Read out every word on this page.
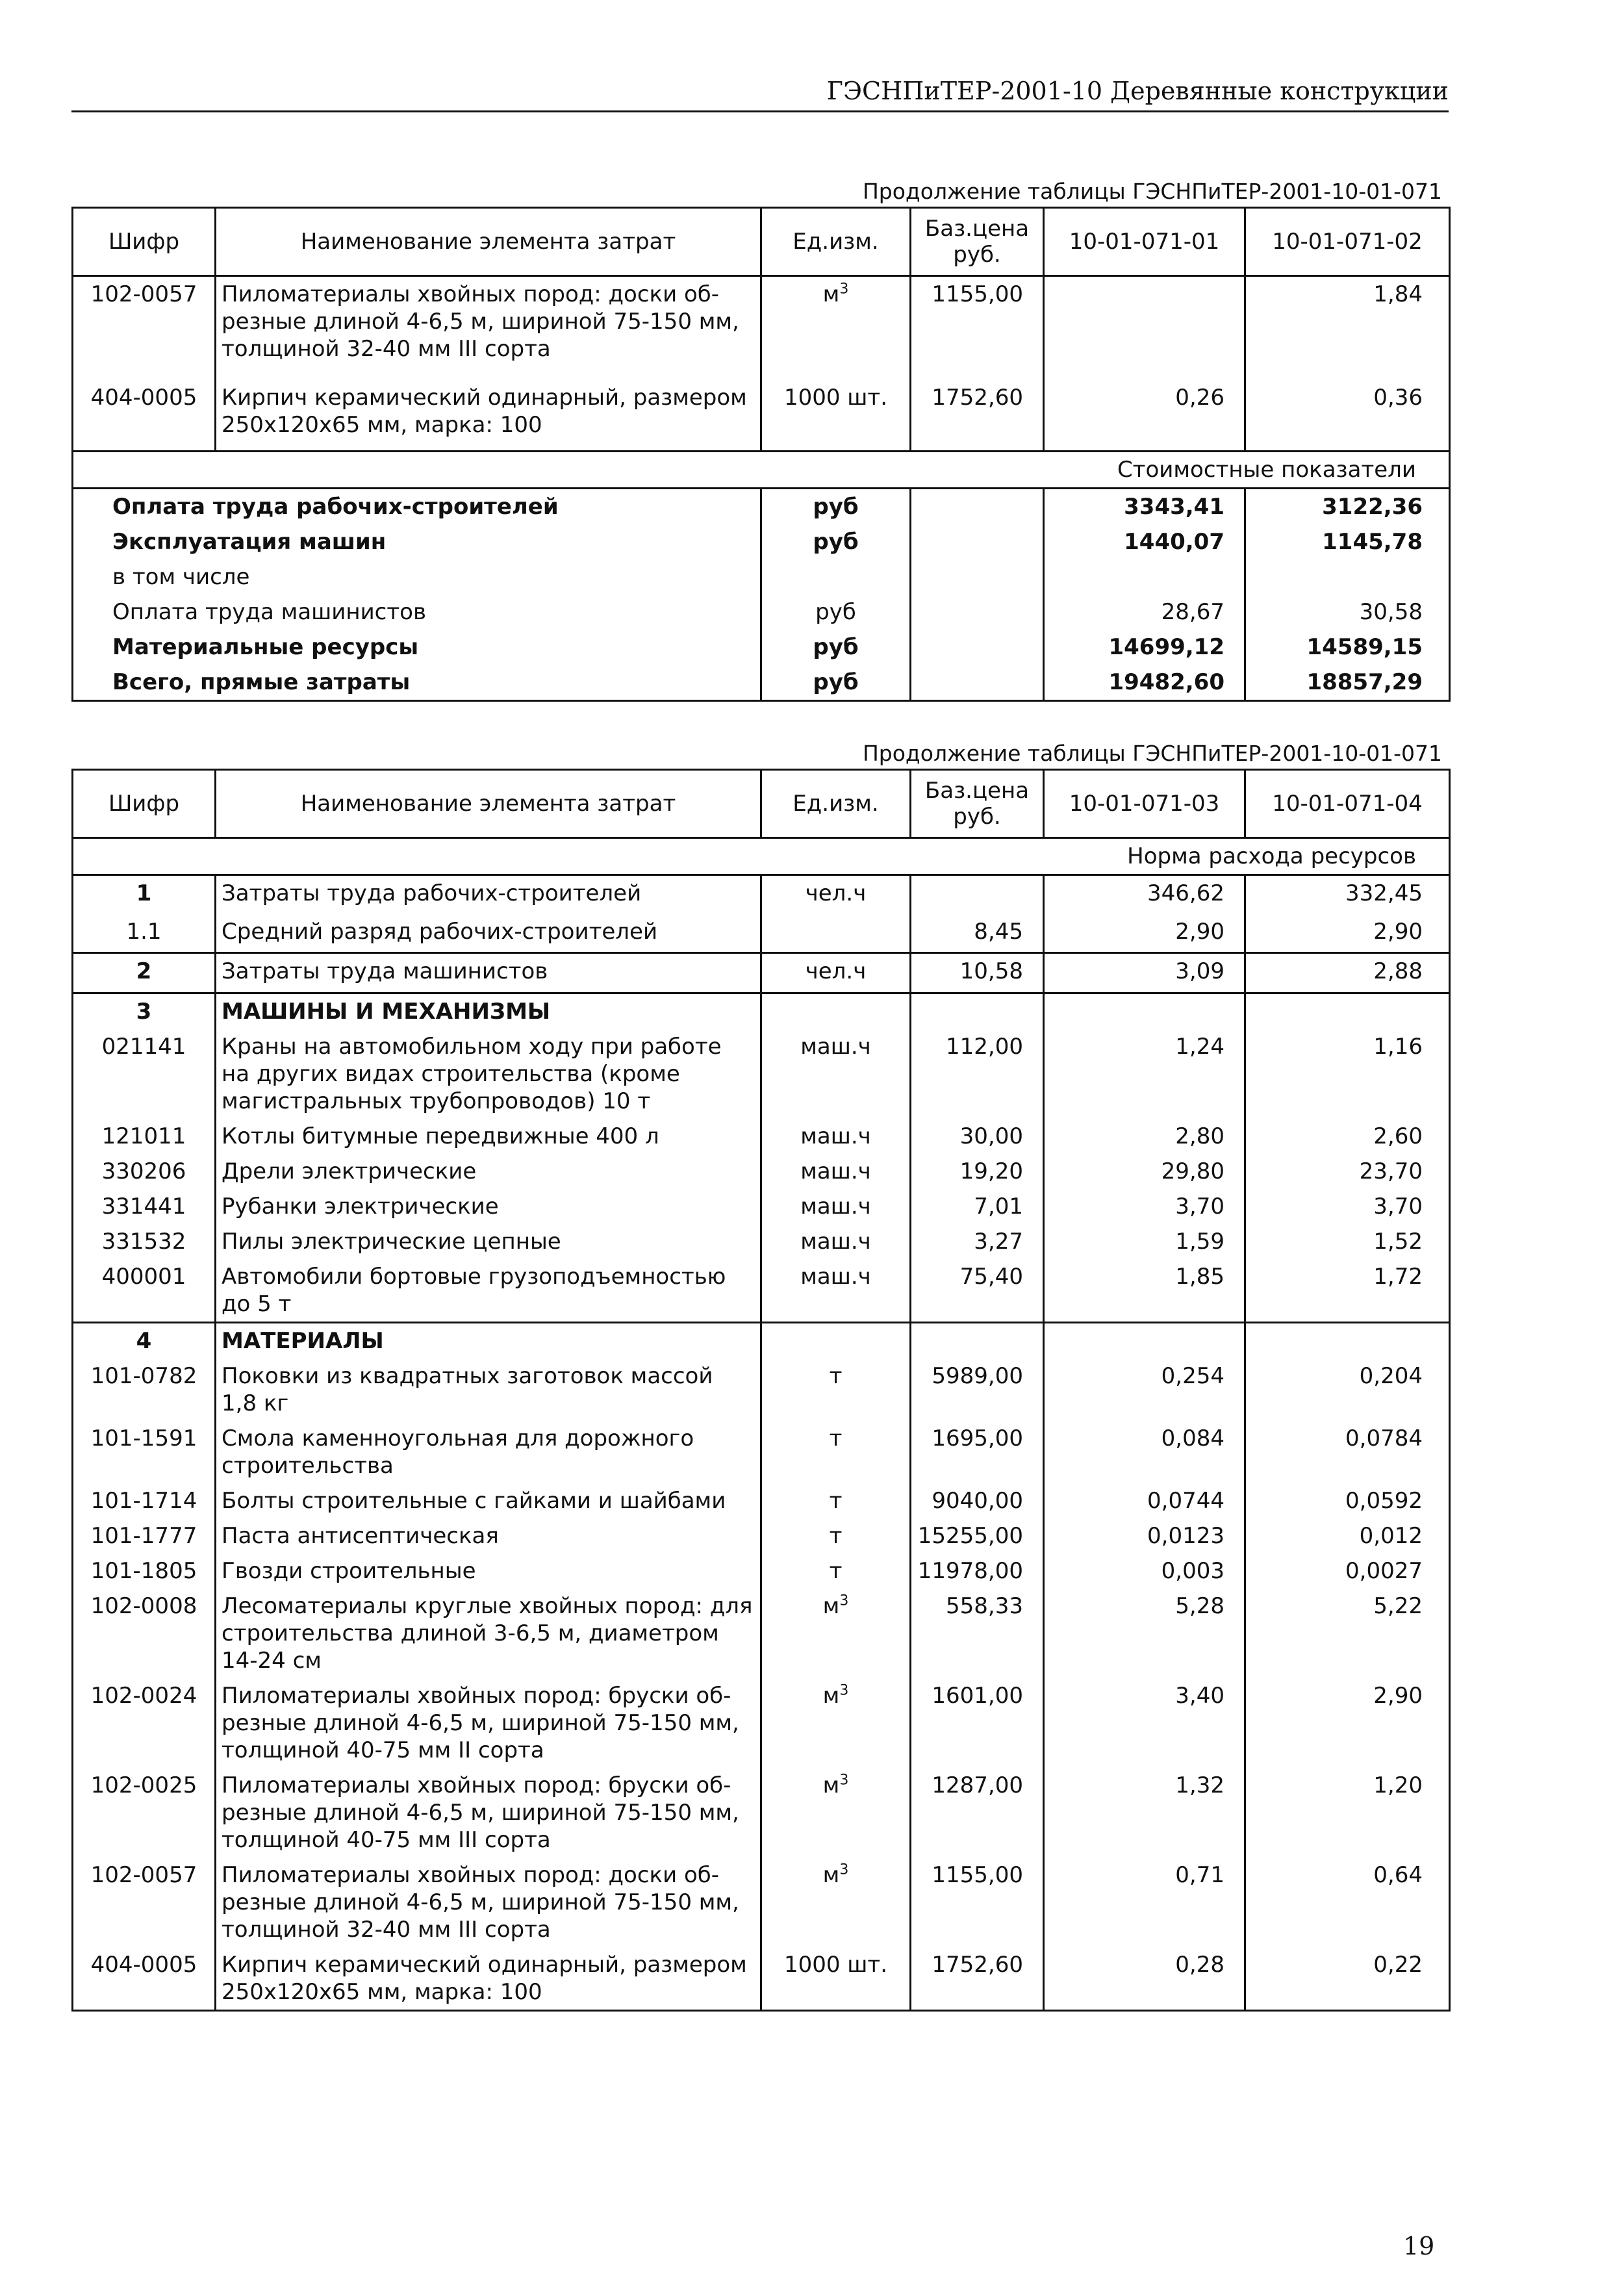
ГЭСНПиТЕР-2001-10 Деревянные конструкции
Продолжение таблицы ГЭСНПиТЕР-2001-10-01-071
Шифр	Наименование элемента затрат	Ед.изм.	Баз.цена руб.	10-01-071-01	10-01-071-02
102-0057	Пиломатериалы хвойных пород: доски об-резные длиной 4-6,5 м, шириной 75-150 мм, толщиной 32-40 мм III сорта	$м^3$	1155,00		1,84
404-0005	Кирпич керамический одинарный, размером 250х120х65 мм, марка: 100	1000 шт.	1752,60	0,26	0,36
Стоимостные показатели					
Оплата труда рабочих-строителей		руб		3343,41	3122,36
Эксплуатация машин		руб		1440,07	1145,78
в том числе					
Оплата труда машинистов		руб		28,67	30,58
Материальные ресурсы		руб		14699,12	14589,15
Всего, прямые затраты		руб		19482,60	18857,29
Продолжение таблицы ГЭСНПиТЕР-2001-10-01-071
Шифр	Наименование элемента затрат	Ед.изм.	Баз.цена руб.	10-01-071-03	10-01-071-04
Норма расхода ресурсов					
1	Затраты труда рабочих-строителей	чел.ч		346,62	332,45
1.1	Средний разряд рабочих-строителей		8,45	2,90	2,90
2	Затраты труда машинистов	чел.ч	10,58	3,09	2,88
3	МАШИНЫ И МЕХАНИЗМЫ				
021141	Краны на автомобильном ходу при работе на других видах строительства (кроме магистральных трубопроводов) 10 т	маш.ч	112,00	1,24	1,16
121011	Котлы битумные передвижные 400 л	маш.ч	30,00	2,80	2,60
330206	Дрели электрические	маш.ч	19,20	29,80	23,70
331441	Рубанки электрические	маш.ч	7,01	3,70	3,70
331532	Пилы электрические цепные	маш.ч	3,27	1,59	1,52
400001	Автомобили бортовые грузоподъемностью до 5 т	маш.ч	75,40	1,85	1,72
4	МАТЕРИАЛЫ				
101-0782	Поковки из квадратных заготовок массой 1,8 кг	т	5989,00	0,254	0,204
101-1591	Смола каменноугольная для дорожного строительства	т	1695,00	0,084	0,0784
101-1714	Болты строительные с гайками и шайбами	т	9040,00	0,0744	0,0592
101-1777	Паста антисептическая	т	15255,00	0,0123	0,012
101-1805	Гвозди строительные	т	11978,00	0,003	0,0027
102-0008	Лесоматериалы круглые хвойных пород: для строительства длиной 3-6,5 м, диаметром 14-24 см	$м^3$	558,33	5,28	5,22
102-0024	Пиломатериалы хвойных пород: бруски об-резные длиной 4-6,5 м, шириной 75-150 мм, толщиной 40-75 мм II сорта	$м^3$	1601,00	3,40	2,90
102-0025	Пиломатериалы хвойных пород: бруски об-резные длиной 4-6,5 м, шириной 75-150 мм, толщиной 40-75 мм III сорта	$м^3$	1287,00	1,32	1,20
102-0057	Пиломатериалы хвойных пород: доски об-резные длиной 4-6,5 м, шириной 75-150 мм, толщиной 32-40 мм III сорта	$м^3$	1155,00	0,71	0,64
404-0005	Кирпич керамический одинарный, размером 250х120х65 мм, марка: 100	1000 шт.	1752,60	0,28	0,22
19
